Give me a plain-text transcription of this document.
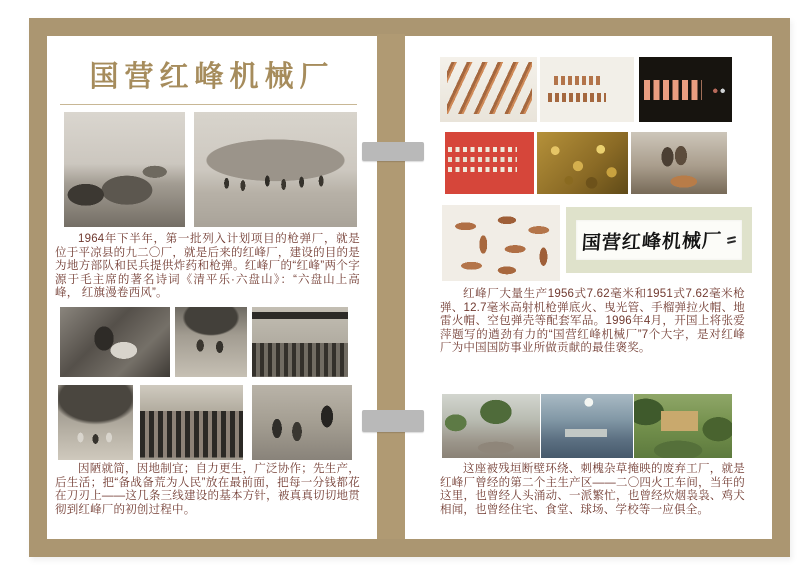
国营红峰机械厂

1964年下半年，第一批列入计划项目的枪弹厂，就是位于平凉县的九二〇厂，就是后来的红峰厂，建设的目的是为地方部队和民兵提供炸药和枪弹。红峰厂的“红峰”两个字源于毛主席的著名诗词《清平乐·六盘山》：“六盘山上高峰， 红旗漫卷西风”。

因陋就简，因地制宜；自力更生，广泛协作；先生产，后生活；把“备战备荒为人民”放在最前面，把每一分钱都花在刀刃上——这几条三线建设的基本方针，被真真切切地贯彻到红峰厂的初创过程中。

国营红峰机械厂

红峰厂大量生产1956式7.62毫米和1951式7.62毫米枪弹、12.7毫米高射机枪弹底火、曳光管、手榴弹拉火帽、地雷火帽、空包弹壳等配套军品。1996年4月，开国上将张爱萍题写的遒劲有力的“国营红峰机械厂”7个大字，是对红峰厂为中国国防事业所做贡献的最佳褒奖。

这座被残垣断壁环绕、刺槐杂草掩映的废弃工厂，就是红峰厂曾经的第二个主生产区——二〇四火工车间，当年的这里，也曾经人头涌动、一派繁忙，也曾经炊烟袅袅、鸡犬相闻，也曾经住宅、食堂、球场、学校等一应俱全。
